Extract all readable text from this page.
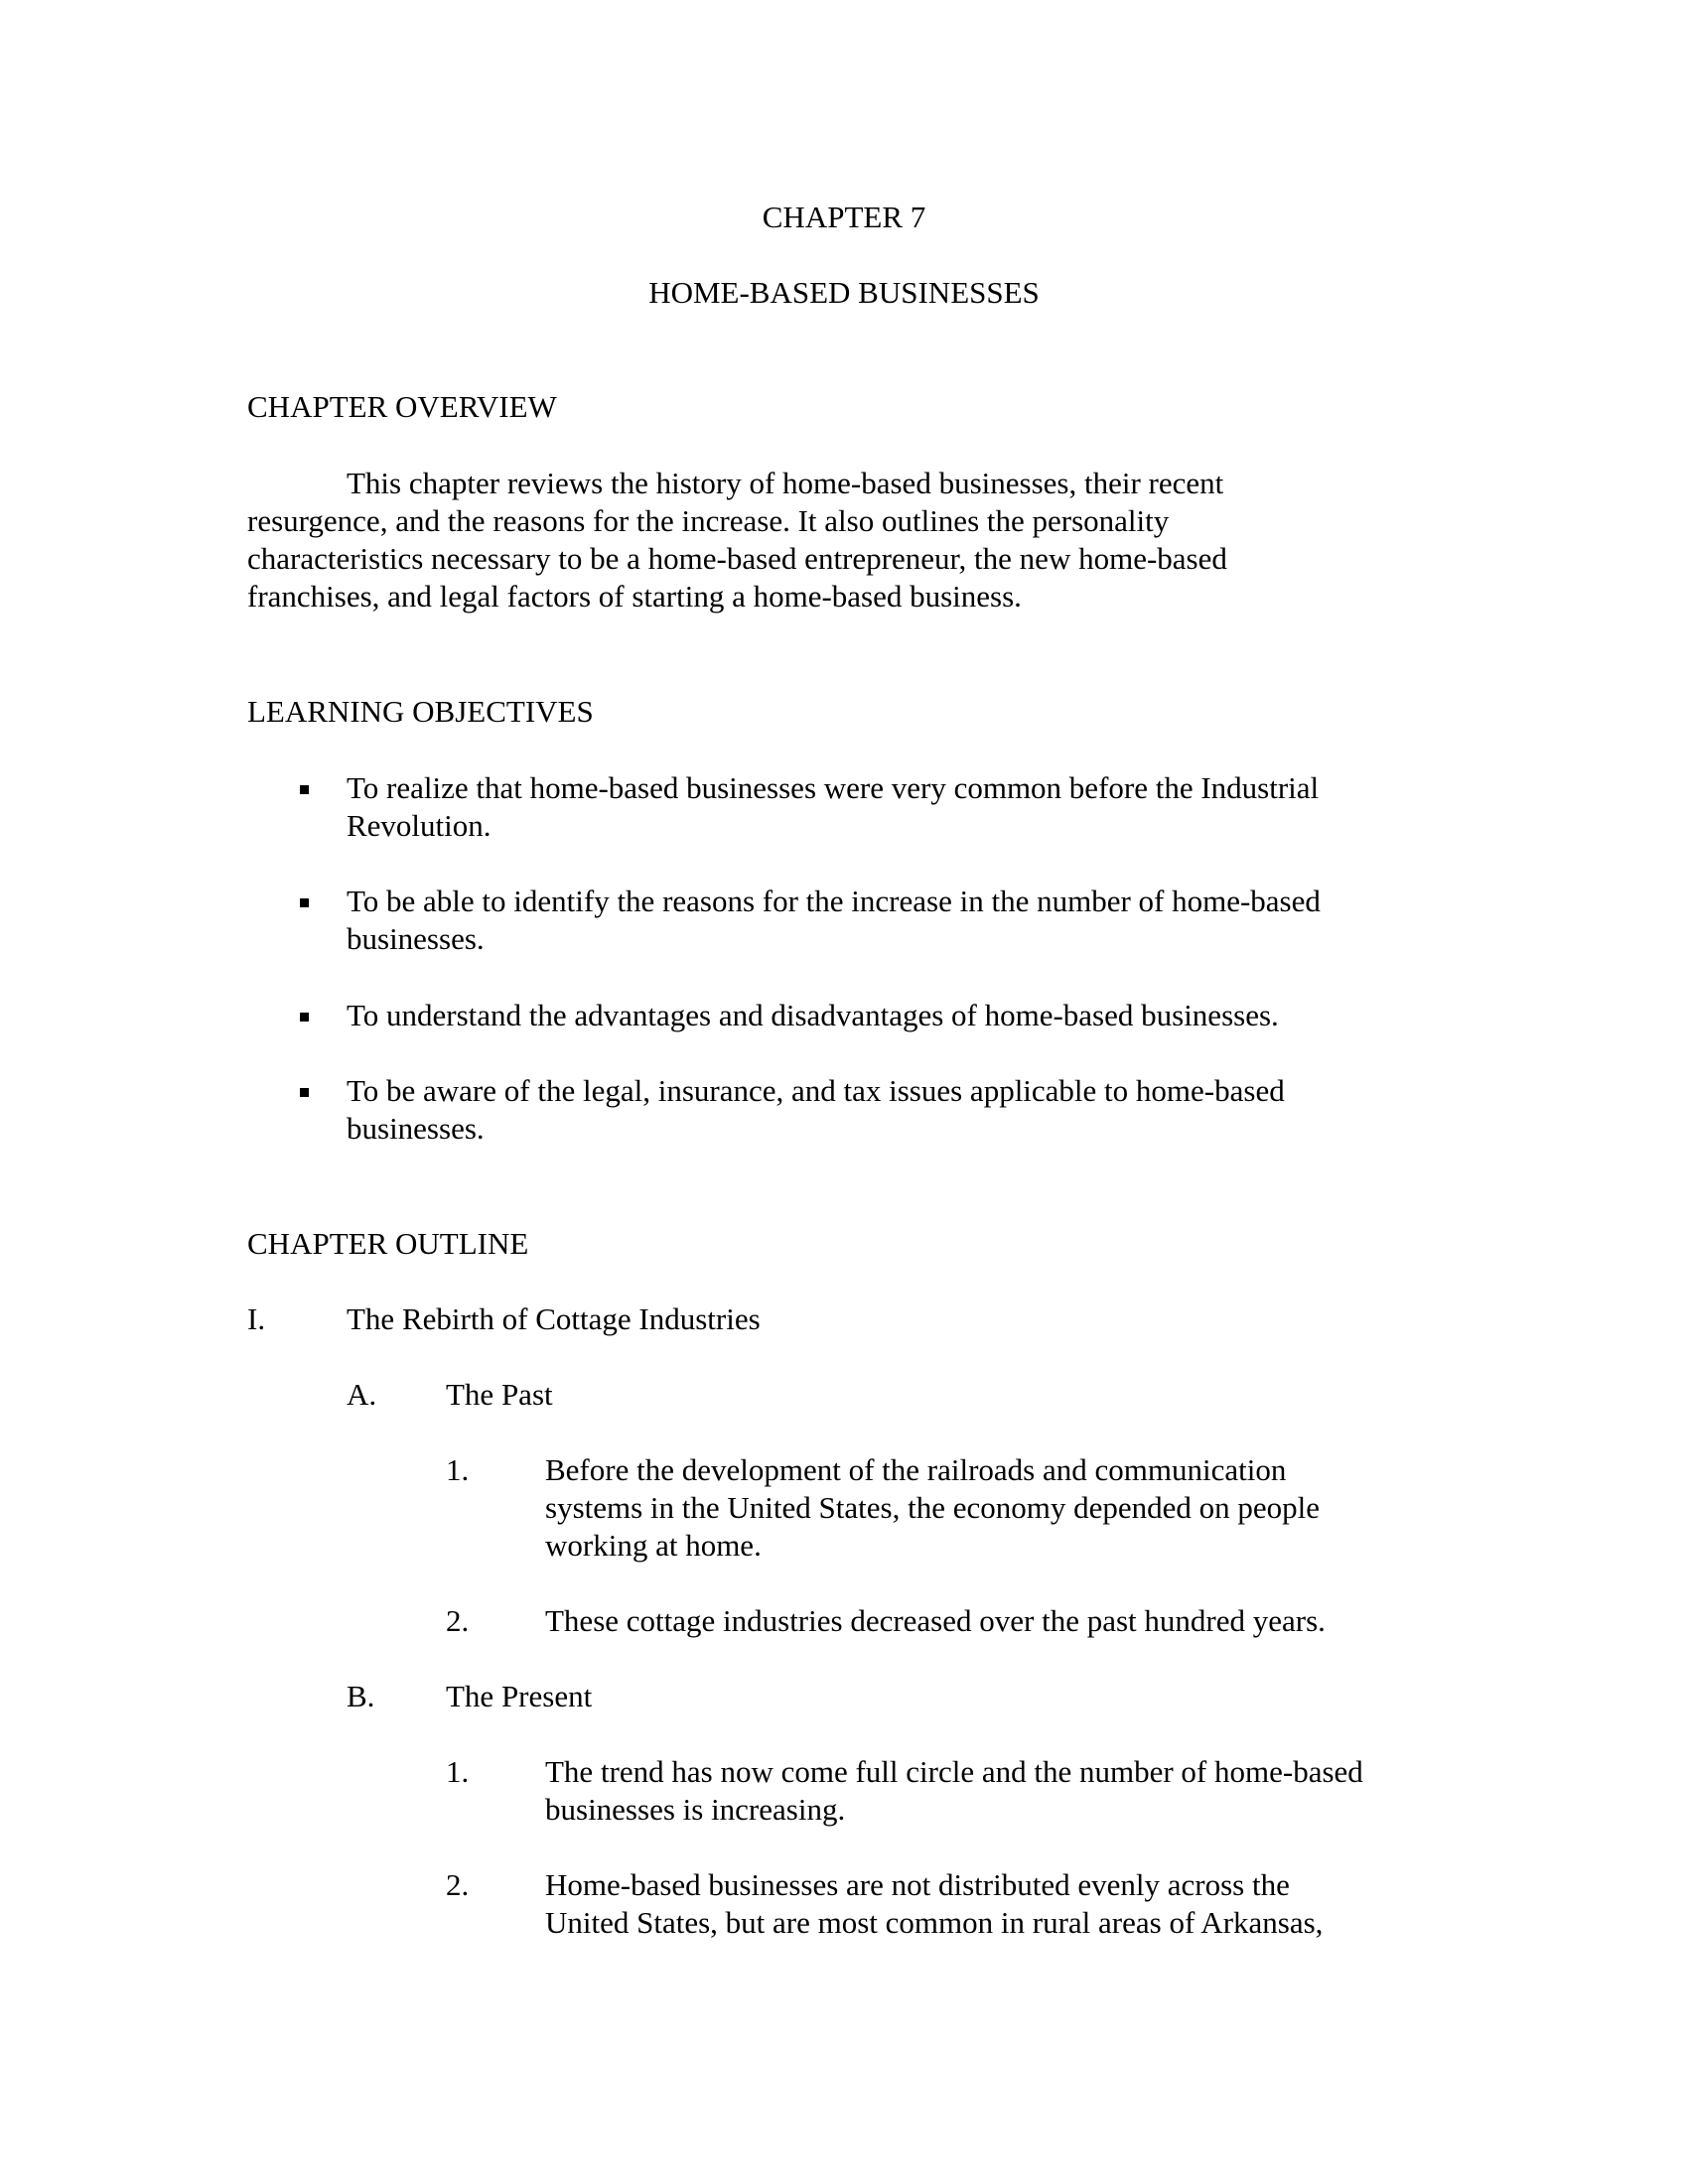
CHAPTER 7
HOME-BASED BUSINESSES
CHAPTER OVERVIEW
This chapter reviews the history of home-based businesses, their recent
resurgence, and the reasons for the increase. It also outlines the personality
characteristics necessary to be a home-based entrepreneur, the new home-based
franchises, and legal factors of starting a home-based business.
LEARNING OBJECTIVES
To realize that home-based businesses were very common before the Industrial
Revolution.
To be able to identify the reasons for the increase in the number of home-based
businesses.
To understand the advantages and disadvantages of home-based businesses.
To be aware of the legal, insurance, and tax issues applicable to home-based
businesses.
CHAPTER OUTLINE
I.	The Rebirth of Cottage Industries
A. The Past
1. Before the development of the railroads and communication
systems in the United States, the economy depended on people
working at home.
2. These cottage industries decreased over the past hundred years.
B. The Present
1. The trend has now come full circle and the number of home-based
businesses is increasing.
2. Home-based businesses are not distributed evenly across the
United States, but are most common in rural areas of Arkansas,
